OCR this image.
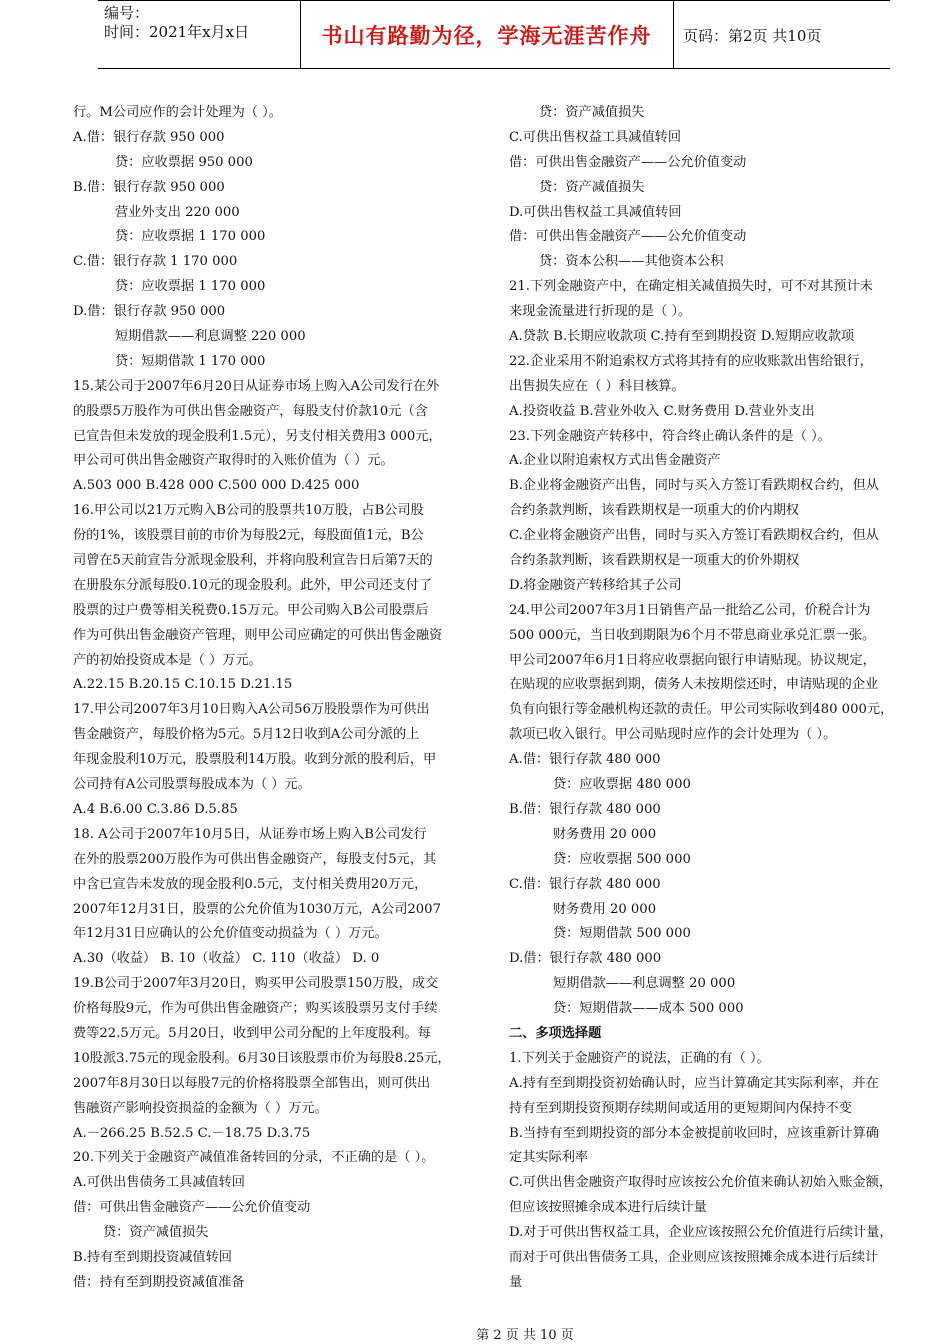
编号：
时间：2021年x月x日	书山有路勤为径，学海无涯苦作舟	页码：第2页 共10页
行。M公司应作的会计处理为（ ）。
A.借：银行存款 950 000
贷：应收票据 950 000
B.借：银行存款 950 000
营业外支出 220 000
贷：应收票据 1 170 000
C.借：银行存款 1 170 000
贷：应收票据 1 170 000
D.借：银行存款 950 000
短期借款——利息调整 220 000
贷：短期借款 1 170 000
15.某公司于2007年6月20日从证券市场上购入A公司发行在外
的股票5万股作为可供出售金融资产，每股支付价款10元（含
已宣告但未发放的现金股利1.5元），另支付相关费用3 000元，
甲公司可供出售金融资产取得时的入账价值为（ ）元。
A.503 000 B.428 000 C.500 000 D.425 000
16.甲公司以21万元购入B公司的股票共10万股，占B公司股
份的1%，该股票目前的市价为每股2元，每股面值1元，B公
司曾在5天前宣告分派现金股利，并将向股利宣告日后第7天的
在册股东分派每股0.10元的现金股利。此外，甲公司还支付了
股票的过户费等相关税费0.15万元。甲公司购入B公司股票后
作为可供出售金融资产管理，则甲公司应确定的可供出售金融资
产的初始投资成本是（ ）万元。
A.22.15 B.20.15 C.10.15 D.21.15
17.甲公司2007年3月10日购入A公司56万股股票作为可供出
售金融资产，每股价格为5元。5月12日收到A公司分派的上
年现金股利10万元，股票股利14万股。收到分派的股利后，甲
公司持有A公司股票每股成本为（ ）元。
A.4 B.6.00 C.3.86 D.5.85
18. A公司于2007年10月5日，从证券市场上购入B公司发行
在外的股票200万股作为可供出售金融资产，每股支付5元，其
中含已宣告未发放的现金股利0.5元，支付相关费用20万元，
2007年12月31日，股票的公允价值为1030万元，A公司2007
年12月31日应确认的公允价值变动损益为（ ）万元。
A.30（收益） B. 10（收益） C. 110（收益） D. 0
19.B公司于2007年3月20日，购买甲公司股票150万股，成交
价格每股9元，作为可供出售金融资产；购买该股票另支付手续
费等22.5万元。5月20日，收到甲公司分配的上年度股利。每
10股派3.75元的现金股利。6月30日该股票市价为每股8.25元，
2007年8月30日以每股7元的价格将股票全部售出，则可供出
售融资产影响投资损益的金额为（ ）万元。
A.－266.25 B.52.5 C.－18.75 D.3.75
20.下列关于金融资产减值准备转回的分录，不正确的是（ ）。
A.可供出售债务工具减值转回
借：可供出售金融资产——公允价值变动
贷：资产减值损失
B.持有至到期投资减值转回
借：持有至到期投资减值准备
贷：资产减值损失
C.可供出售权益工具减值转回
借：可供出售金融资产——公允价值变动
贷：资产减值损失
D.可供出售权益工具减值转回
借：可供出售金融资产——公允价值变动
贷：资本公积——其他资本公积
21.下列金融资产中，在确定相关减值损失时，可不对其预计未
来现金流量进行折现的是（ ）。
A.贷款 B.长期应收款项 C.持有至到期投资 D.短期应收款项
22.企业采用不附追索权方式将其持有的应收账款出售给银行，
出售损失应在（ ）科目核算。
A.投资收益 B.营业外收入 C.财务费用 D.营业外支出
23.下列金融资产转移中，符合终止确认条件的是（ ）。
A.企业以附追索权方式出售金融资产
B.企业将金融资产出售，同时与买入方签订看跌期权合约，但从
合约条款判断，该看跌期权是一项重大的价内期权
C.企业将金融资产出售，同时与买入方签订看跌期权合约，但从
合约条款判断，该看跌期权是一项重大的价外期权
D.将金融资产转移给其子公司
24.甲公司2007年3月1日销售产品一批给乙公司，价税合计为
500 000元，当日收到期限为6个月不带息商业承兑汇票一张。
甲公司2007年6月1日将应收票据向银行申请贴现。协议规定，
在贴现的应收票据到期，债务人未按期偿还时，申请贴现的企业
负有向银行等金融机构还款的责任。甲公司实际收到480 000元，
款项已收入银行。甲公司贴现时应作的会计处理为（ ）。
A.借：银行存款 480 000
贷：应收票据 480 000
B.借：银行存款 480 000
财务费用 20 000
贷：应收票据 500 000
C.借：银行存款 480 000
财务费用 20 000
贷：短期借款 500 000
D.借：银行存款 480 000
短期借款——利息调整 20 000
贷：短期借款——成本 500 000
二、多项选择题
1.下列关于金融资产的说法，正确的有（ ）。
A.持有至到期投资初始确认时，应当计算确定其实际利率，并在
持有至到期投资预期存续期间或适用的更短期间内保持不变
B.当持有至到期投资的部分本金被提前收回时，应该重新计算确
定其实际利率
C.可供出售金融资产取得时应该按公允价值来确认初始入账金额，
但应该按照摊余成本进行后续计量
D.对于可供出售权益工具，企业应该按照公允价值进行后续计量，
而对于可供出售债务工具，企业则应该按照摊余成本进行后续计
量
第 2 页 共 10 页
